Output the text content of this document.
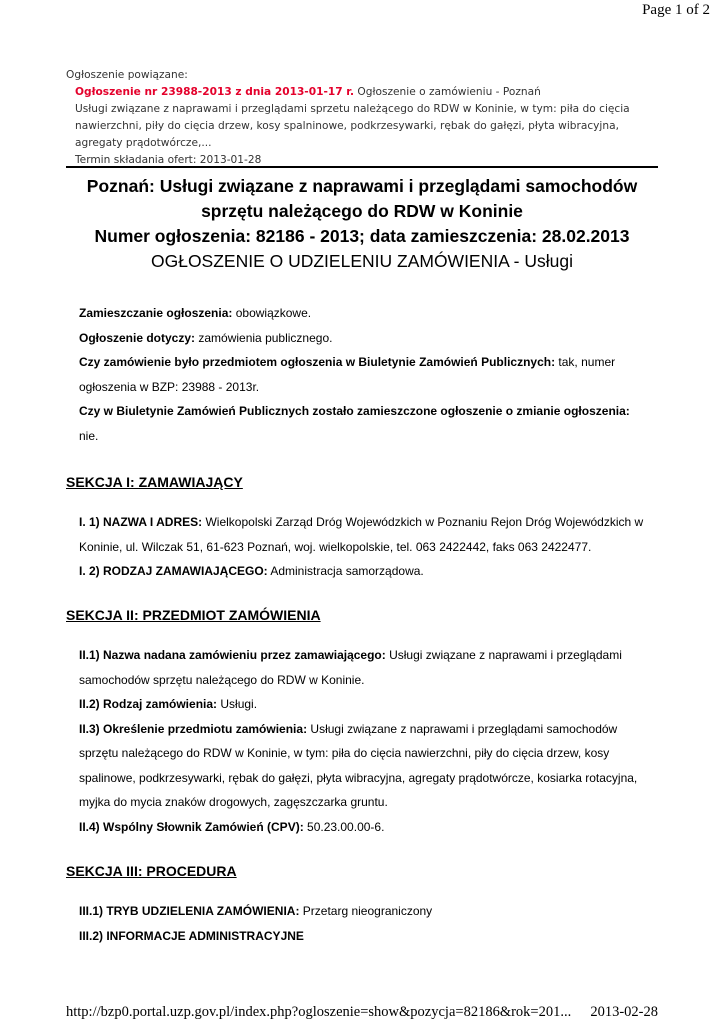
Page 1 of 2
Ogłoszenie powiązane:
Ogłoszenie nr 23988-2013 z dnia 2013-01-17 r. Ogłoszenie o zamówieniu - Poznań
Usługi związane z naprawami i przeglądami sprzetu należącego do RDW w Koninie, w tym: piła do cięcia nawierzchni, piły do cięcia drzew, kosy spalninowe, podkrzesywarki, rębak do gałęzi, płyta wibracyjna, agregaty prądotwórcze,...
Termin składania ofert: 2013-01-28
Poznań: Usługi związane z naprawami i przeglądami samochodów
sprzętu należącego do RDW w Koninie
Numer ogłoszenia: 82186 - 2013; data zamieszczenia: 28.02.2013
OGŁOSZENIE O UDZIELENIU ZAMÓWIENIA - Usługi
Zamieszczanie ogłoszenia: obowiązkowe.
Ogłoszenie dotyczy: zamówienia publicznego.
Czy zamówienie było przedmiotem ogłoszenia w Biuletynie Zamówień Publicznych: tak, numer ogłoszenia w BZP: 23988 - 2013r.
Czy w Biuletynie Zamówień Publicznych zostało zamieszczone ogłoszenie o zmianie ogłoszenia:
nie.
SEKCJA I: ZAMAWIAJĄCY
I. 1) NAZWA I ADRES: Wielkopolski Zarząd Dróg Wojewódzkich w Poznaniu Rejon Dróg Wojewódzkich w Koninie, ul. Wilczak 51, 61-623 Poznań, woj. wielkopolskie, tel. 063 2422442, faks 063 2422477.
I. 2) RODZAJ ZAMAWIAJĄCEGO: Administracja samorządowa.
SEKCJA II: PRZEDMIOT ZAMÓWIENIA
II.1) Nazwa nadana zamówieniu przez zamawiającego: Usługi związane z naprawami i przeglądami samochodów sprzętu należącego do RDW w Koninie.
II.2) Rodzaj zamówienia: Usługi.
II.3) Określenie przedmiotu zamówienia: Usługi związane z naprawami i przeglądami samochodów sprzętu należącego do RDW w Koninie, w tym: piła do cięcia nawierzchni, piły do cięcia drzew, kosy spalinowe, podkrzesywarki, rębak do gałęzi, płyta wibracyjna, agregaty prądotwórcze, kosiarka rotacyjna, myjka do mycia znaków drogowych, zagęszczarka gruntu.
II.4) Wspólny Słownik Zamówień (CPV): 50.23.00.00-6.
SEKCJA III: PROCEDURA
III.1) TRYB UDZIELENIA ZAMÓWIENIA: Przetarg nieograniczony
III.2) INFORMACJE ADMINISTRACYJNE
http://bzp0.portal.uzp.gov.pl/index.php?ogloszenie=show&pozycja=82186&rok=201... 2013-02-28
